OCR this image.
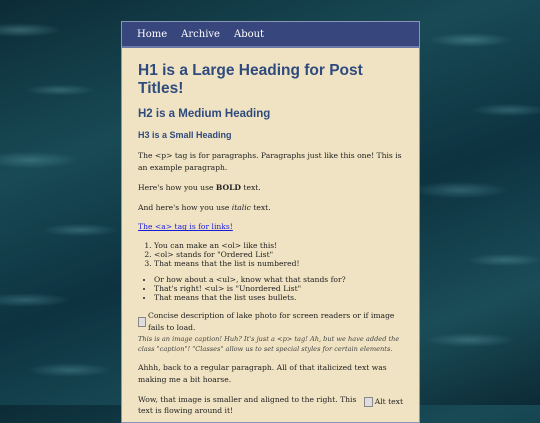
Home Archive About
H1 is a Large Heading for Post Titles!
H2 is a Medium Heading
H3 is a Small Heading

The <p> tag is for paragraphs. Paragraphs just like this one! This is an example paragraph.

Here's how you use BOLD text.

And here's how you use italic text.

The <a> tag is for links!

1. You can make an <ol> like this!
2. <ol> stands for "Ordered List"
3. That means that the list is numbered!
• Or how about a <ul>, know what that stands for?
• That's right! <ul> is "Unordered List"
• That means that the list uses bullets.
Concise description of lake photo for screen readers or if image fails to load.

This is an image caption! Huh? It's just a <p> tag! Ah, but we have added the class "caption"! "Classes" allow us to set special styles for certain elements.

Ahhh, back to a regular paragraph. All of that italicized text was making me a bit hoarse.

Alt text

Wow, that image is smaller and aligned to the right. This text is flowing around it!
